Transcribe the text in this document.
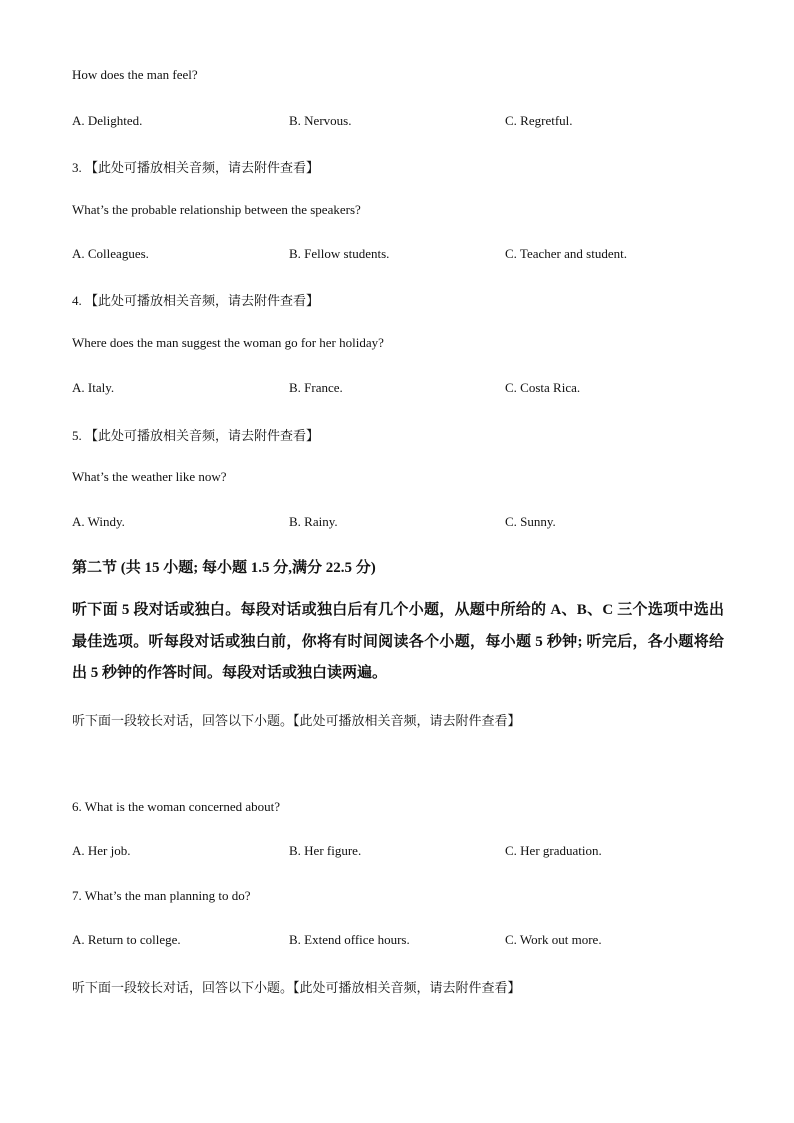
How does the man feel?
A. Delighted.	B. Nervous.	C. Regretful.
3. 【此处可播放相关音频，请去附件查看】
What’s the probable relationship between the speakers?
A. Colleagues.	B. Fellow students.	C. Teacher and student.
4. 【此处可播放相关音频，请去附件查看】
Where does the man suggest the woman go for her holiday?
A. Italy.	B. France.	C. Costa Rica.
5. 【此处可播放相关音频，请去附件查看】
What’s the weather like now?
A. Windy.	B. Rainy.	C. Sunny.
第二节 (共 15 小题; 每小题 1.5 分,满分 22.5 分)
听下面 5 段对话或独白。每段对话或独白后有几个小题，从题中所给的 A、B、C 三个选项中选出最佳选项。听每段对话或独白前，你将有时间阅读各个小题，每小题 5 秒钟; 听完后，各小题将给出 5 秒钟的作答时间。每段对话或独白读两遍。
听下面一段较长对话，回答以下小题。【此处可播放相关音频，请去附件查看】
6. What is the woman concerned about?
A. Her job.	B. Her figure.	C. Her graduation.
7. What’s the man planning to do?
A. Return to college.	B. Extend office hours.	C. Work out more.
听下面一段较长对话，回答以下小题。【此处可播放相关音频，请去附件查看】
